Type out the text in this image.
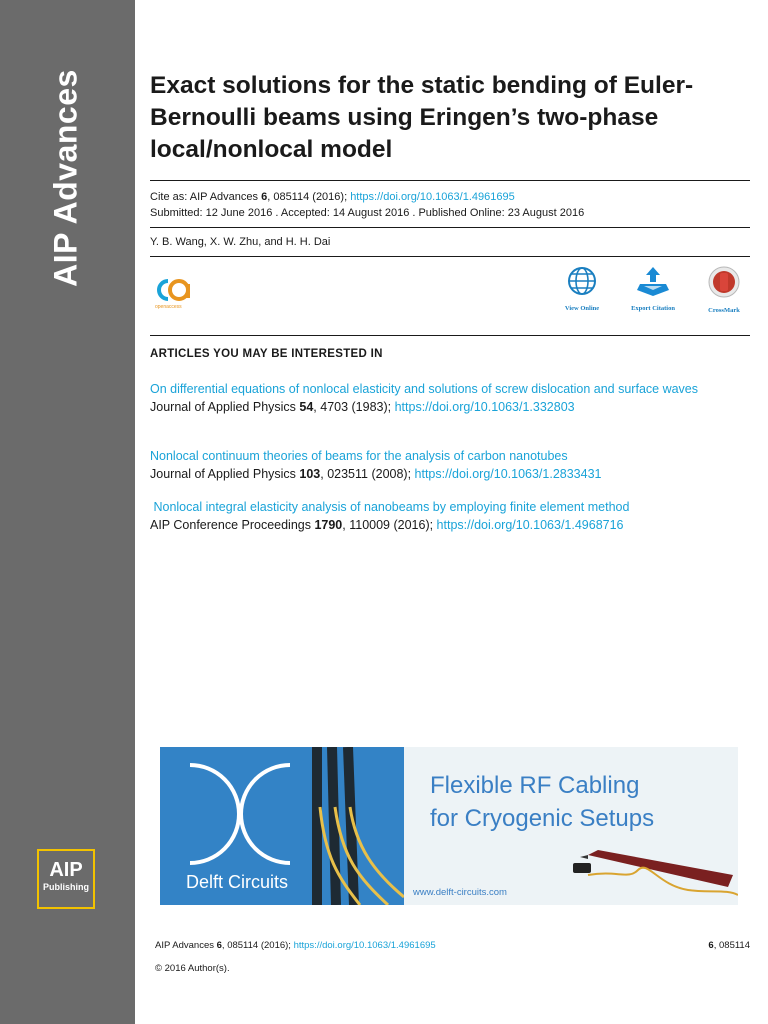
AIP Advances
AIP
Publishing
Exact solutions for the static bending of Euler-Bernoulli beams using Eringen’s two-phase local/nonlocal model
Cite as: AIP Advances 6, 085114 (2016); https://doi.org/10.1063/1.4961695
Submitted: 12 June 2016 . Accepted: 14 August 2016 . Published Online: 23 August 2016
Y. B. Wang, X. W. Zhu, and H. H. Dai
openaccess	View Online	Export Citation	CrossMark
ARTICLES YOU MAY BE INTERESTED IN
On differential equations of nonlocal elasticity and solutions of screw dislocation and surface waves
Journal of Applied Physics 54, 4703 (1983); https://doi.org/10.1063/1.332803
Nonlocal continuum theories of beams for the analysis of carbon nanotubes
Journal of Applied Physics 103, 023511 (2008); https://doi.org/10.1063/1.2833431
Nonlocal integral elasticity analysis of nanobeams by employing finite element method
AIP Conference Proceedings 1790, 110009 (2016); https://doi.org/10.1063/1.4968716
Delft Circuits
Flexible RF Cabling
for Cryogenic Setups
www.delft-circuits.com
AIP Advances 6, 085114 (2016); https://doi.org/10.1063/1.4961695	6, 085114
© 2016 Author(s).
